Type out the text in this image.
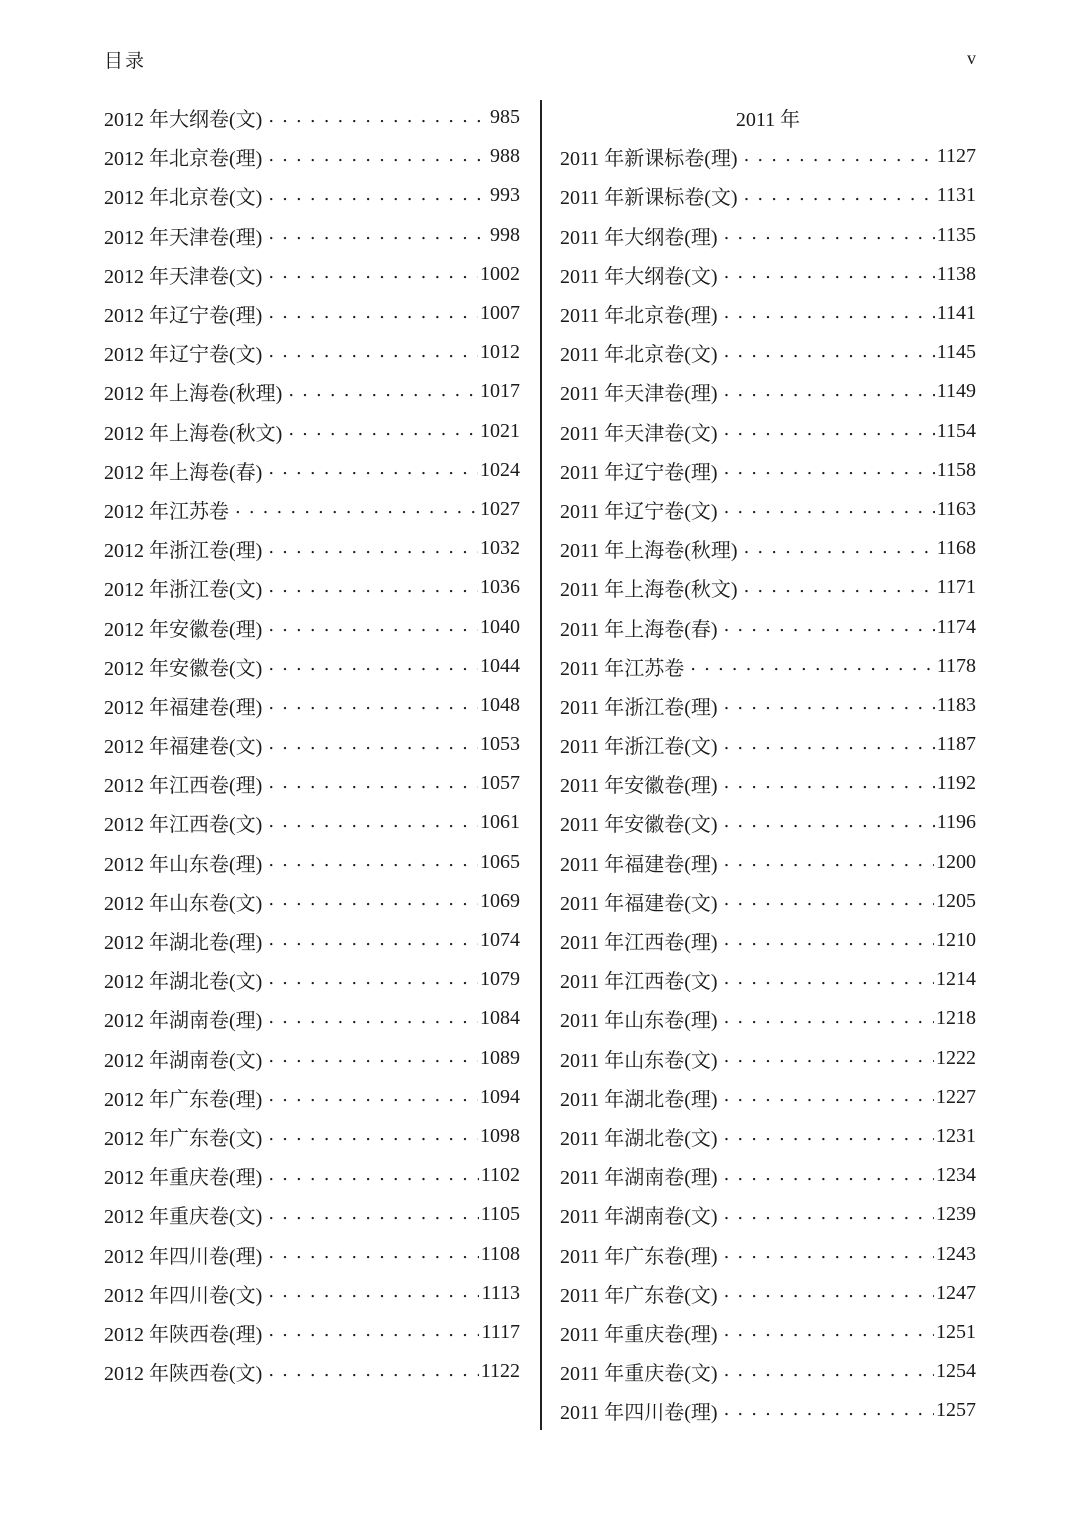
目录	v
2012 年大纲卷(文) . . .	985
2012 年北京卷(理) . . .	988
2012 年北京卷(文) . . .	993
2012 年天津卷(理) . . .	998
2012 年天津卷(文) . . .	1002
2012 年辽宁卷(理) . . .	1007
2012 年辽宁卷(文) . . .	1012
2012 年上海卷(秋理) . . .	1017
2012 年上海卷(秋文) . . .	1021
2012 年上海卷(春) . . .	1024
2012 年江苏卷 . . .	1027
2012 年浙江卷(理) . . .	1032
2012 年浙江卷(文) . . .	1036
2012 年安徽卷(理) . . .	1040
2012 年安徽卷(文) . . .	1044
2012 年福建卷(理) . . .	1048
2012 年福建卷(文) . . .	1053
2012 年江西卷(理) . . .	1057
2012 年江西卷(文) . . .	1061
2012 年山东卷(理) . . .	1065
2012 年山东卷(文) . . .	1069
2012 年湖北卷(理) . . .	1074
2012 年湖北卷(文) . . .	1079
2012 年湖南卷(理) . . .	1084
2012 年湖南卷(文) . . .	1089
2012 年广东卷(理) . . .	1094
2012 年广东卷(文) . . .	1098
2012 年重庆卷(理) . . .	1102
2012 年重庆卷(文) . . .	1105
2012 年四川卷(理) . . .	1108
2012 年四川卷(文) . . .	1113
2012 年陕西卷(理) . . .	1117
2012 年陕西卷(文) . . .	1122
2011 年
2011 年新课标卷(理) . . .	1127
2011 年新课标卷(文) . . .	1131
2011 年大纲卷(理) . . .	1135
2011 年大纲卷(文) . . .	1138
2011 年北京卷(理) . . .	1141
2011 年北京卷(文) . . .	1145
2011 年天津卷(理) . . .	1149
2011 年天津卷(文) . . .	1154
2011 年辽宁卷(理) . . .	1158
2011 年辽宁卷(文) . . .	1163
2011 年上海卷(秋理) . . .	1168
2011 年上海卷(秋文) . . .	1171
2011 年上海卷(春) . . .	1174
2011 年江苏卷 . . .	1178
2011 年浙江卷(理) . . .	1183
2011 年浙江卷(文) . . .	1187
2011 年安徽卷(理) . . .	1192
2011 年安徽卷(文) . . .	1196
2011 年福建卷(理) . . .	1200
2011 年福建卷(文) . . .	1205
2011 年江西卷(理) . . .	1210
2011 年江西卷(文) . . .	1214
2011 年山东卷(理) . . .	1218
2011 年山东卷(文) . . .	1222
2011 年湖北卷(理) . . .	1227
2011 年湖北卷(文) . . .	1231
2011 年湖南卷(理) . . .	1234
2011 年湖南卷(文) . . .	1239
2011 年广东卷(理) . . .	1243
2011 年广东卷(文) . . .	1247
2011 年重庆卷(理) . . .	1251
2011 年重庆卷(文) . . .	1254
2011 年四川卷(理) . . .	1257
